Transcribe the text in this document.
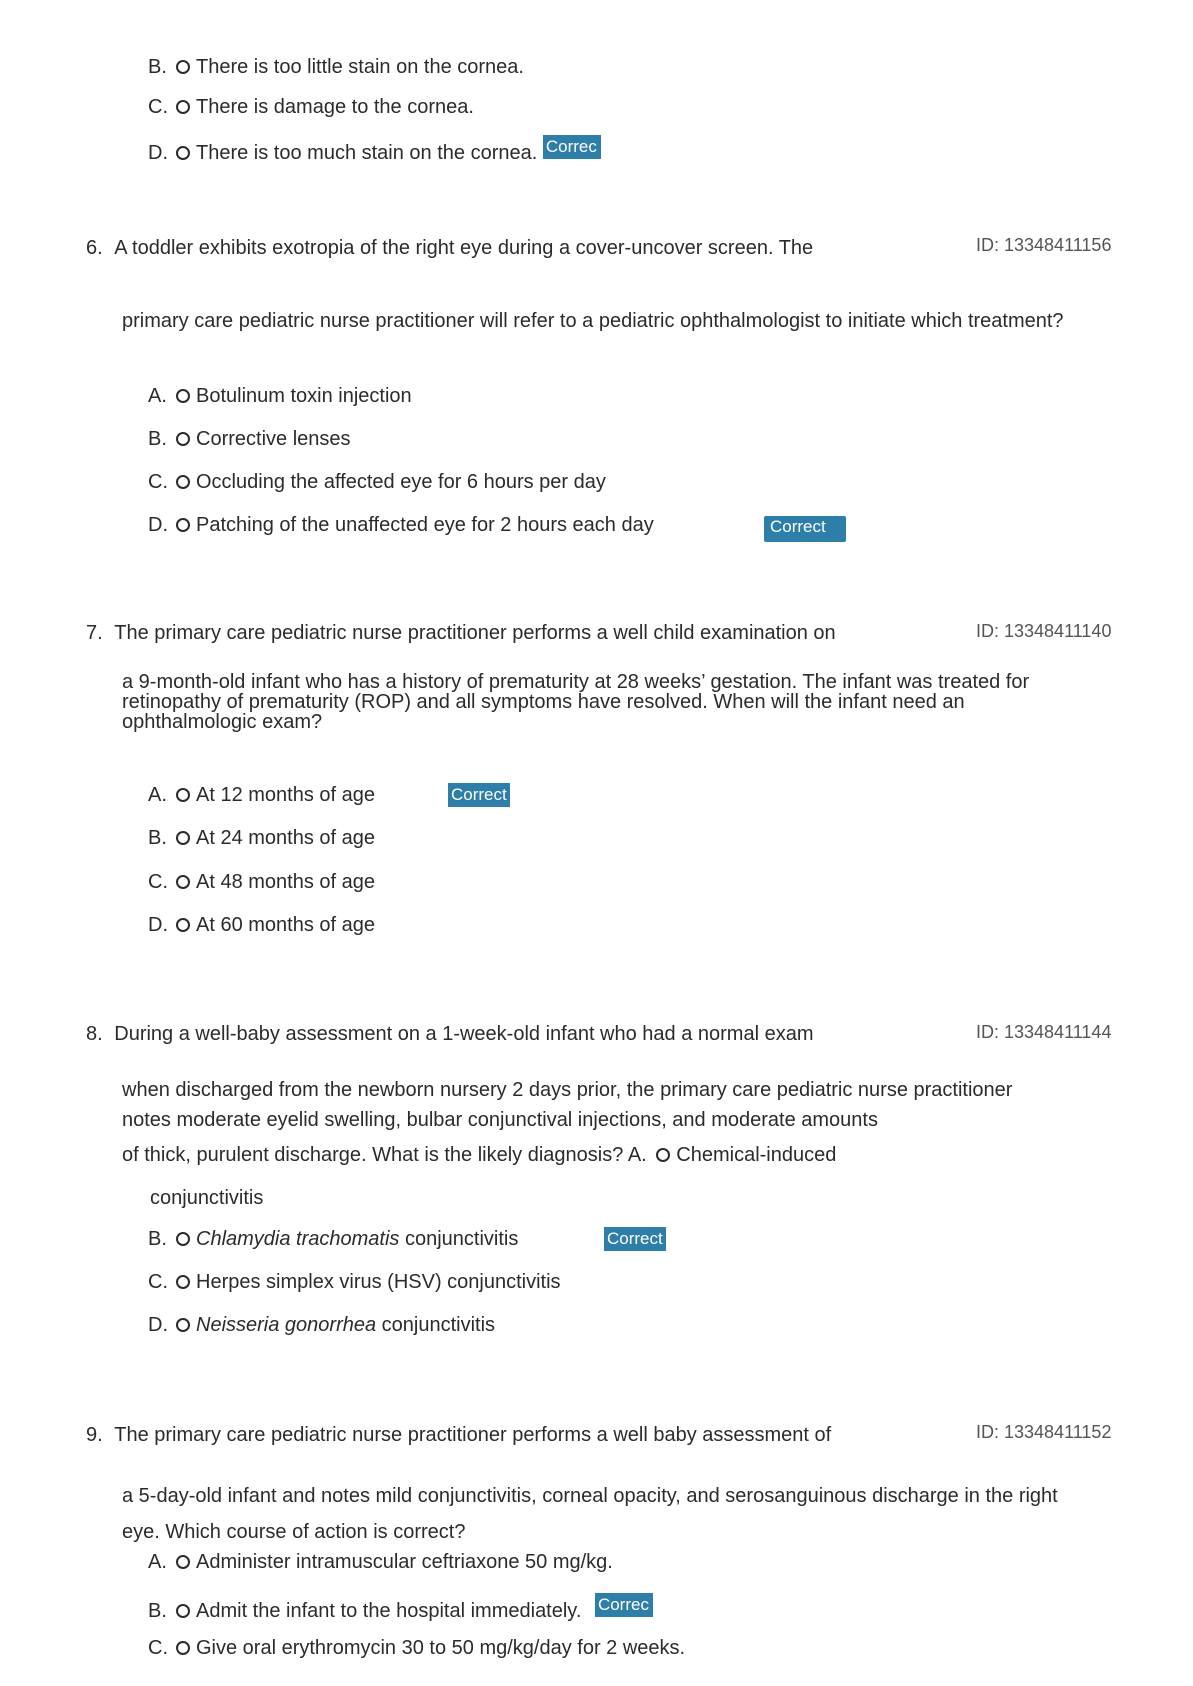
B. There is too little stain on the cornea.
C. There is damage to the cornea.
D. There is too much stain on the cornea. Correc
6. A toddler exhibits exotropia of the right eye during a cover-uncover screen. The	ID: 13348411156
primary care pediatric nurse practitioner will refer to a pediatric ophthalmologist to initiate which treatment?
A. Botulinum toxin injection
B. Corrective lenses
C. Occluding the affected eye for 6 hours per day
D. Patching of the unaffected eye for 2 hours each day	Correct
7. The primary care pediatric nurse practitioner performs a well child examination on	ID: 13348411140
a 9-month-old infant who has a history of prematurity at 28 weeks’ gestation. The infant was treated for retinopathy of prematurity (ROP) and all symptoms have resolved. When will the infant need an ophthalmologic exam?
A. At 12 months of age	Correct
B. At 24 months of age
C. At 48 months of age
D. At 60 months of age
8. During a well-baby assessment on a 1-week-old infant who had a normal exam	ID: 13348411144
when discharged from the newborn nursery 2 days prior, the primary care pediatric nurse practitioner
notes moderate eyelid swelling, bulbar conjunctival injections, and moderate amounts
of thick, purulent discharge. What is the likely diagnosis? A. Chemical-induced
conjunctivitis
B. Chlamydia trachomatis conjunctivitis	Correct
C. Herpes simplex virus (HSV) conjunctivitis
D. Neisseria gonorrhea conjunctivitis
9. The primary care pediatric nurse practitioner performs a well baby assessment of	ID: 13348411152
a 5-day-old infant and notes mild conjunctivitis, corneal opacity, and serosanguinous discharge in the right eye. Which course of action is correct?
A. Administer intramuscular ceftriaxone 50 mg/kg.
B. Admit the infant to the hospital immediately. Correc
C. Give oral erythromycin 30 to 50 mg/kg/day for 2 weeks.
